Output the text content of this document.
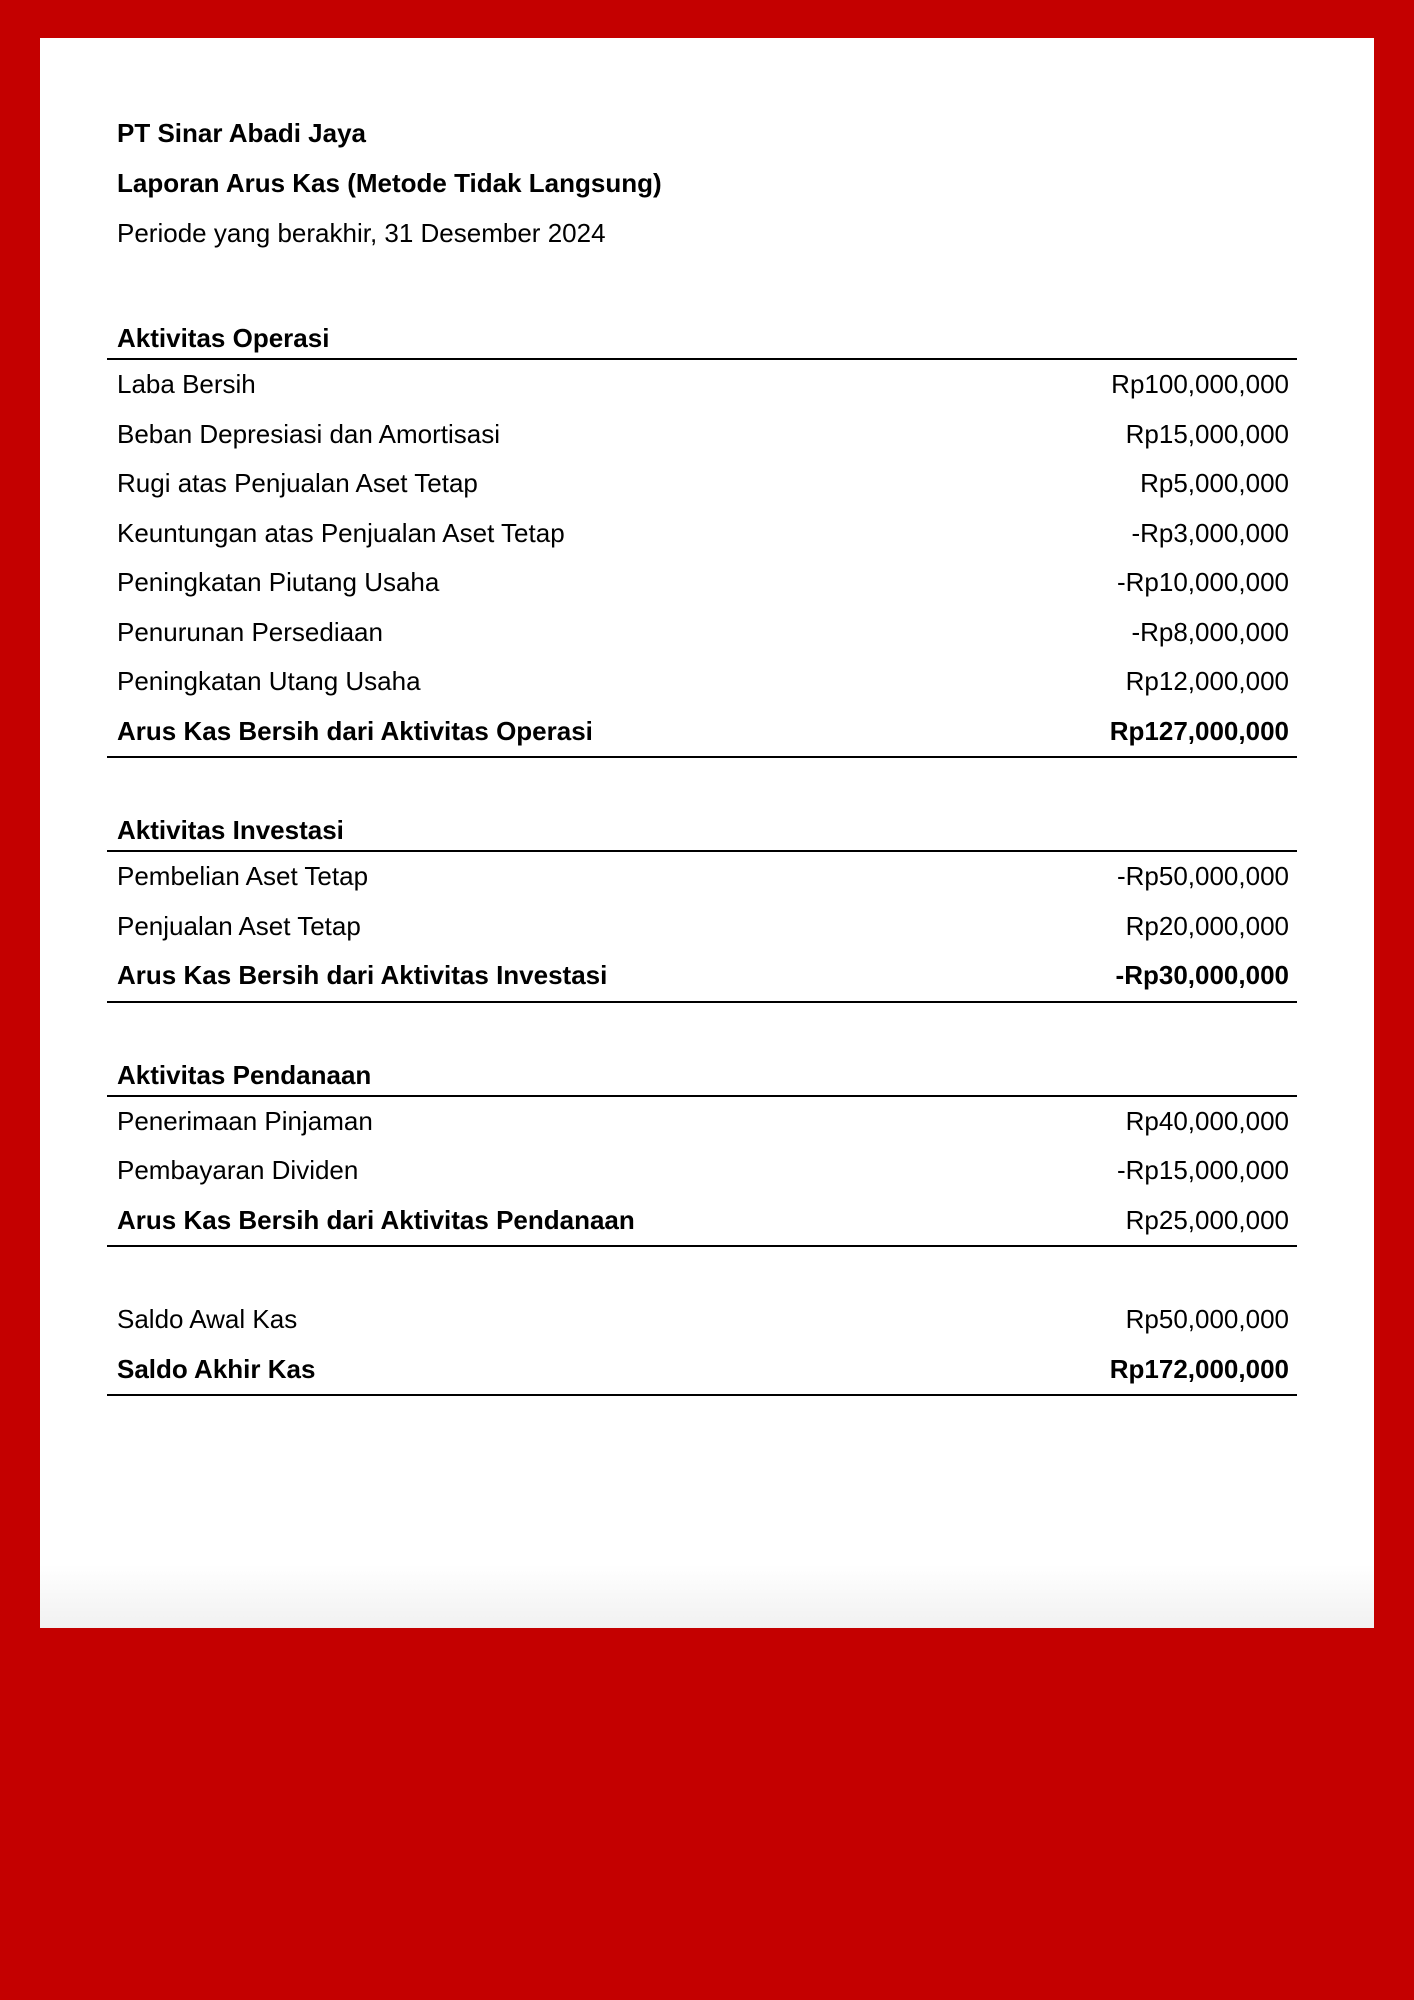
PT Sinar Abadi Jaya
Laporan Arus Kas (Metode Tidak Langsung)
Periode yang berakhir, 31 Desember 2024
Aktivitas Operasi
Laba Bersih	Rp100,000,000
Beban Depresiasi dan Amortisasi	Rp15,000,000
Rugi atas Penjualan Aset Tetap	Rp5,000,000
Keuntungan atas Penjualan Aset Tetap	-Rp3,000,000
Peningkatan Piutang Usaha	-Rp10,000,000
Penurunan Persediaan	-Rp8,000,000
Peningkatan Utang Usaha	Rp12,000,000
Arus Kas Bersih dari Aktivitas Operasi	Rp127,000,000
Aktivitas Investasi
Pembelian Aset Tetap	-Rp50,000,000
Penjualan Aset Tetap	Rp20,000,000
Arus Kas Bersih dari Aktivitas Investasi	-Rp30,000,000
Aktivitas Pendanaan
Penerimaan Pinjaman	Rp40,000,000
Pembayaran Dividen	-Rp15,000,000
Arus Kas Bersih dari Aktivitas Pendanaan	Rp25,000,000
Saldo Awal Kas	Rp50,000,000
Saldo Akhir Kas	Rp172,000,000
